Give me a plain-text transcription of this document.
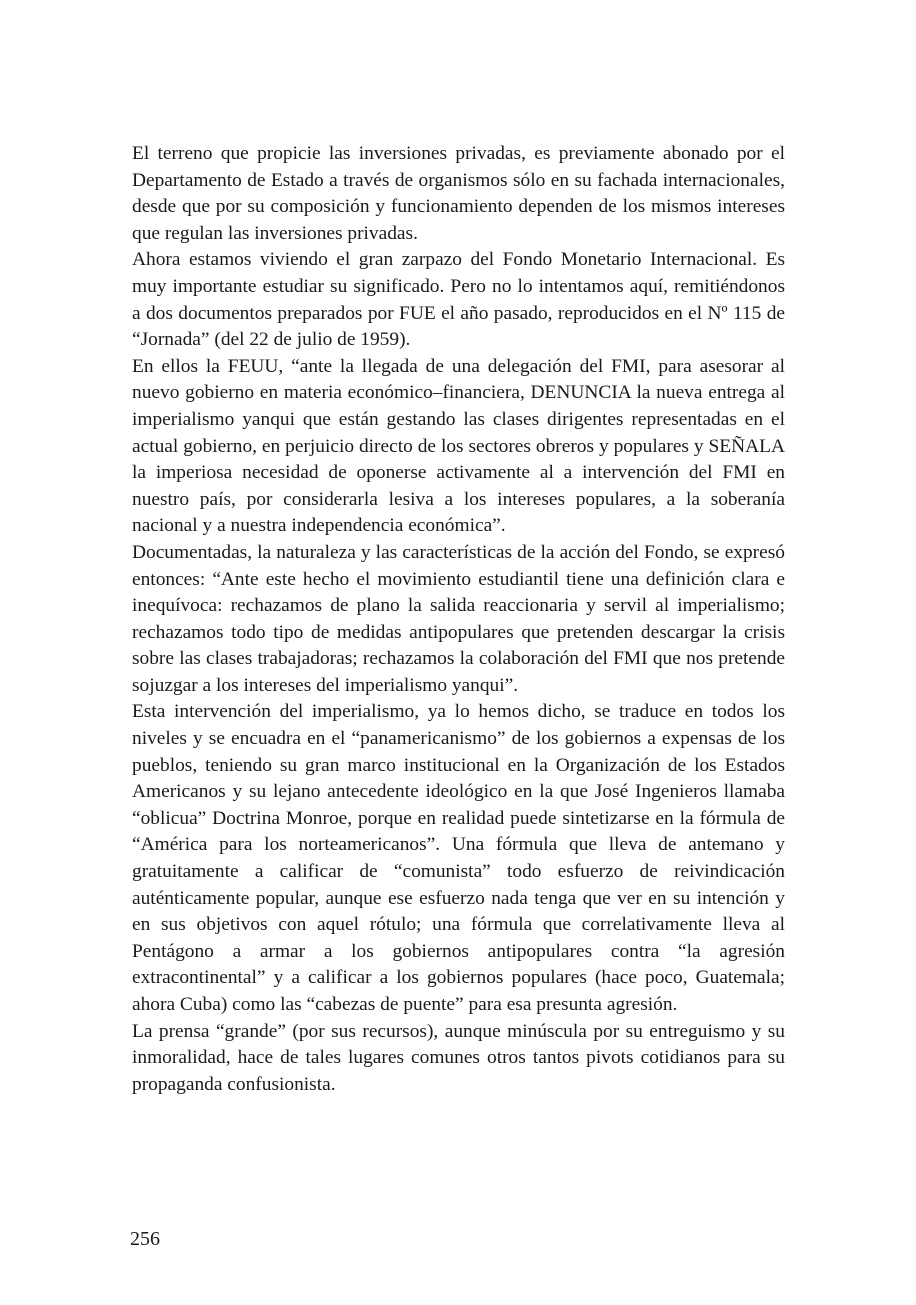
El terreno que propicie las inversiones privadas, es previamente abonado por el Departamento de Estado a través de organismos sólo en su fachada internacionales, desde que por su composición y funcionamiento dependen de los mismos intereses que regulan las inversiones privadas.

Ahora estamos viviendo el gran zarpazo del Fondo Monetario Internacional. Es muy importante estudiar su significado. Pero no lo intentamos aquí, remitiéndonos a dos documentos preparados por FUE el año pasado, reproducidos en el Nº 115 de “Jornada” (del 22 de julio de 1959).

En ellos la FEUU, “ante la llegada de una delegación del FMI, para asesorar al nuevo gobierno en materia económico–financiera, DENUNCIA la nueva entrega al imperialismo yanqui que están gestando las clases dirigentes representadas en el actual gobierno, en perjuicio directo de los sectores obreros y populares y SEÑALA la imperiosa necesidad de oponerse activamente al a intervención del FMI en nuestro país, por considerarla lesiva a los intereses populares, a la soberanía nacional y a nuestra independencia económica”.

Documentadas, la naturaleza y las características de la acción del Fondo, se expresó entonces: “Ante este hecho el movimiento estudiantil tiene una definición clara e inequívoca: rechazamos de plano la salida reaccionaria y servil al imperialismo; rechazamos todo tipo de medidas antipopulares que pretenden descargar la crisis sobre las clases trabajadoras; rechazamos la colaboración del FMI que nos pretende sojuzgar a los intereses del imperialismo yanqui”.

Esta intervención del imperialismo, ya lo hemos dicho, se traduce en todos los niveles y se encuadra en el “panamericanismo” de los gobiernos a expensas de los pueblos, teniendo su gran marco institucional en la Organización de los Estados Americanos y su lejano antecedente ideológico en la que José Ingenieros llamaba “oblicua” Doctrina Monroe, porque en realidad puede sintetizarse en la fórmula de “América para los norteamericanos”. Una fórmula que lleva de antemano y gratuitamente a calificar de “comunista” todo esfuerzo de reivindicación auténticamente popular, aunque ese esfuerzo nada tenga que ver en su intención y en sus objetivos con aquel rótulo; una fórmula que correlativamente lleva al Pentágono a armar a los gobiernos antipopulares contra “la agresión extracontinental” y a calificar a los gobiernos populares (hace poco, Guatemala; ahora Cuba) como las “cabezas de puente” para esa presunta agresión.

La prensa “grande” (por sus recursos), aunque minúscula por su entreguismo y su inmoralidad, hace de tales lugares comunes otros tantos pivots cotidianos para su propaganda confusionista.

256
